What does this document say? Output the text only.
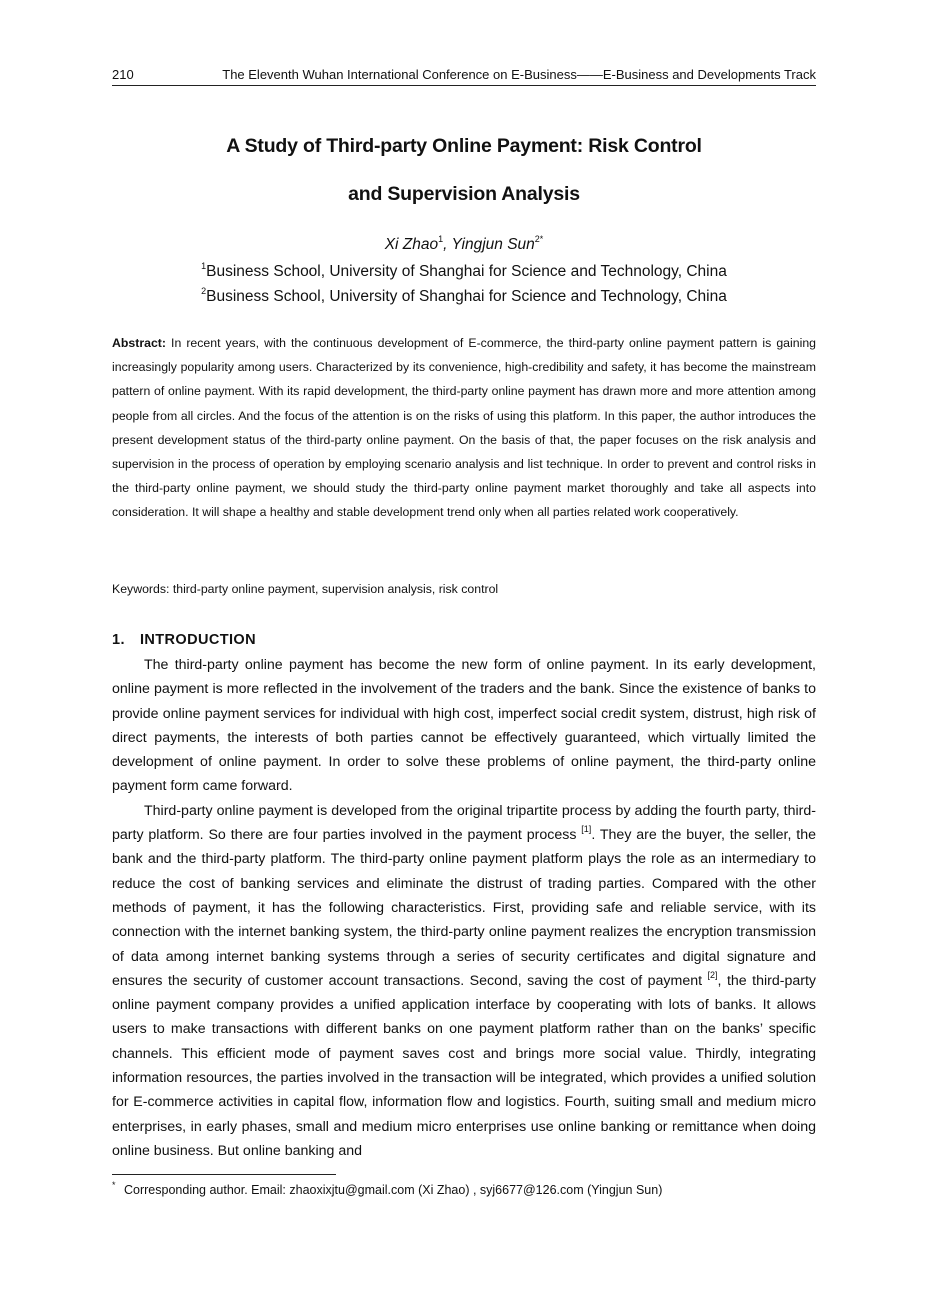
210	The Eleventh Wuhan International Conference on E-Business——E-Business and Developments Track
A Study of Third-party Online Payment: Risk Control
and Supervision Analysis
Xi Zhao$^1$, Yingjun Sun$^{2*}$
$^1$Business School, University of Shanghai for Science and Technology, China
$^2$Business School, University of Shanghai for Science and Technology, China
Abstract: In recent years, with the continuous development of E-commerce, the third-party online payment pattern is gaining increasingly popularity among users. Characterized by its convenience, high-credibility and safety, it has become the mainstream pattern of online payment. With its rapid development, the third-party online payment has drawn more and more attention among people from all circles. And the focus of the attention is on the risks of using this platform. In this paper, the author introduces the present development status of the third-party online payment. On the basis of that, the paper focuses on the risk analysis and supervision in the process of operation by employing scenario analysis and list technique. In order to prevent and control risks in the third-party online payment, we should study the third-party online payment market thoroughly and take all aspects into consideration. It will shape a healthy and stable development trend only when all parties related work cooperatively.
Keywords: third-party online payment, supervision analysis, risk control
1. INTRODUCTION

The third-party online payment has become the new form of online payment. In its early development, online payment is more reflected in the involvement of the traders and the bank. Since the existence of banks to provide online payment services for individual with high cost, imperfect social credit system, distrust, high risk of direct payments, the interests of both parties cannot be effectively guaranteed, which virtually limited the development of online payment. In order to solve these problems of online payment, the third-party online payment form came forward.

Third-party online payment is developed from the original tripartite process by adding the fourth party, third-party platform. So there are four parties involved in the payment process [1]. They are the buyer, the seller, the bank and the third-party platform. The third-party online payment platform plays the role as an intermediary to reduce the cost of banking services and eliminate the distrust of trading parties. Compared with the other methods of payment, it has the following characteristics. First, providing safe and reliable service, with its connection with the internet banking system, the third-party online payment realizes the encryption transmission of data among internet banking systems through a series of security certificates and digital signature and ensures the security of customer account transactions. Second, saving the cost of payment [2], the third-party online payment company provides a unified application interface by cooperating with lots of banks. It allows users to make transactions with different banks on one payment platform rather than on the banks’ specific channels. This efficient mode of payment saves cost and brings more social value. Thirdly, integrating information resources, the parties involved in the transaction will be integrated, which provides a unified solution for E-commerce activities in capital flow, information flow and logistics. Fourth, suiting small and medium micro enterprises, in early phases, small and medium micro enterprises use online banking or remittance when doing online business. But online banking and

* Corresponding author. Email: zhaoxixjtu@gmail.com (Xi Zhao) , syj6677@126.com (Yingjun Sun)
